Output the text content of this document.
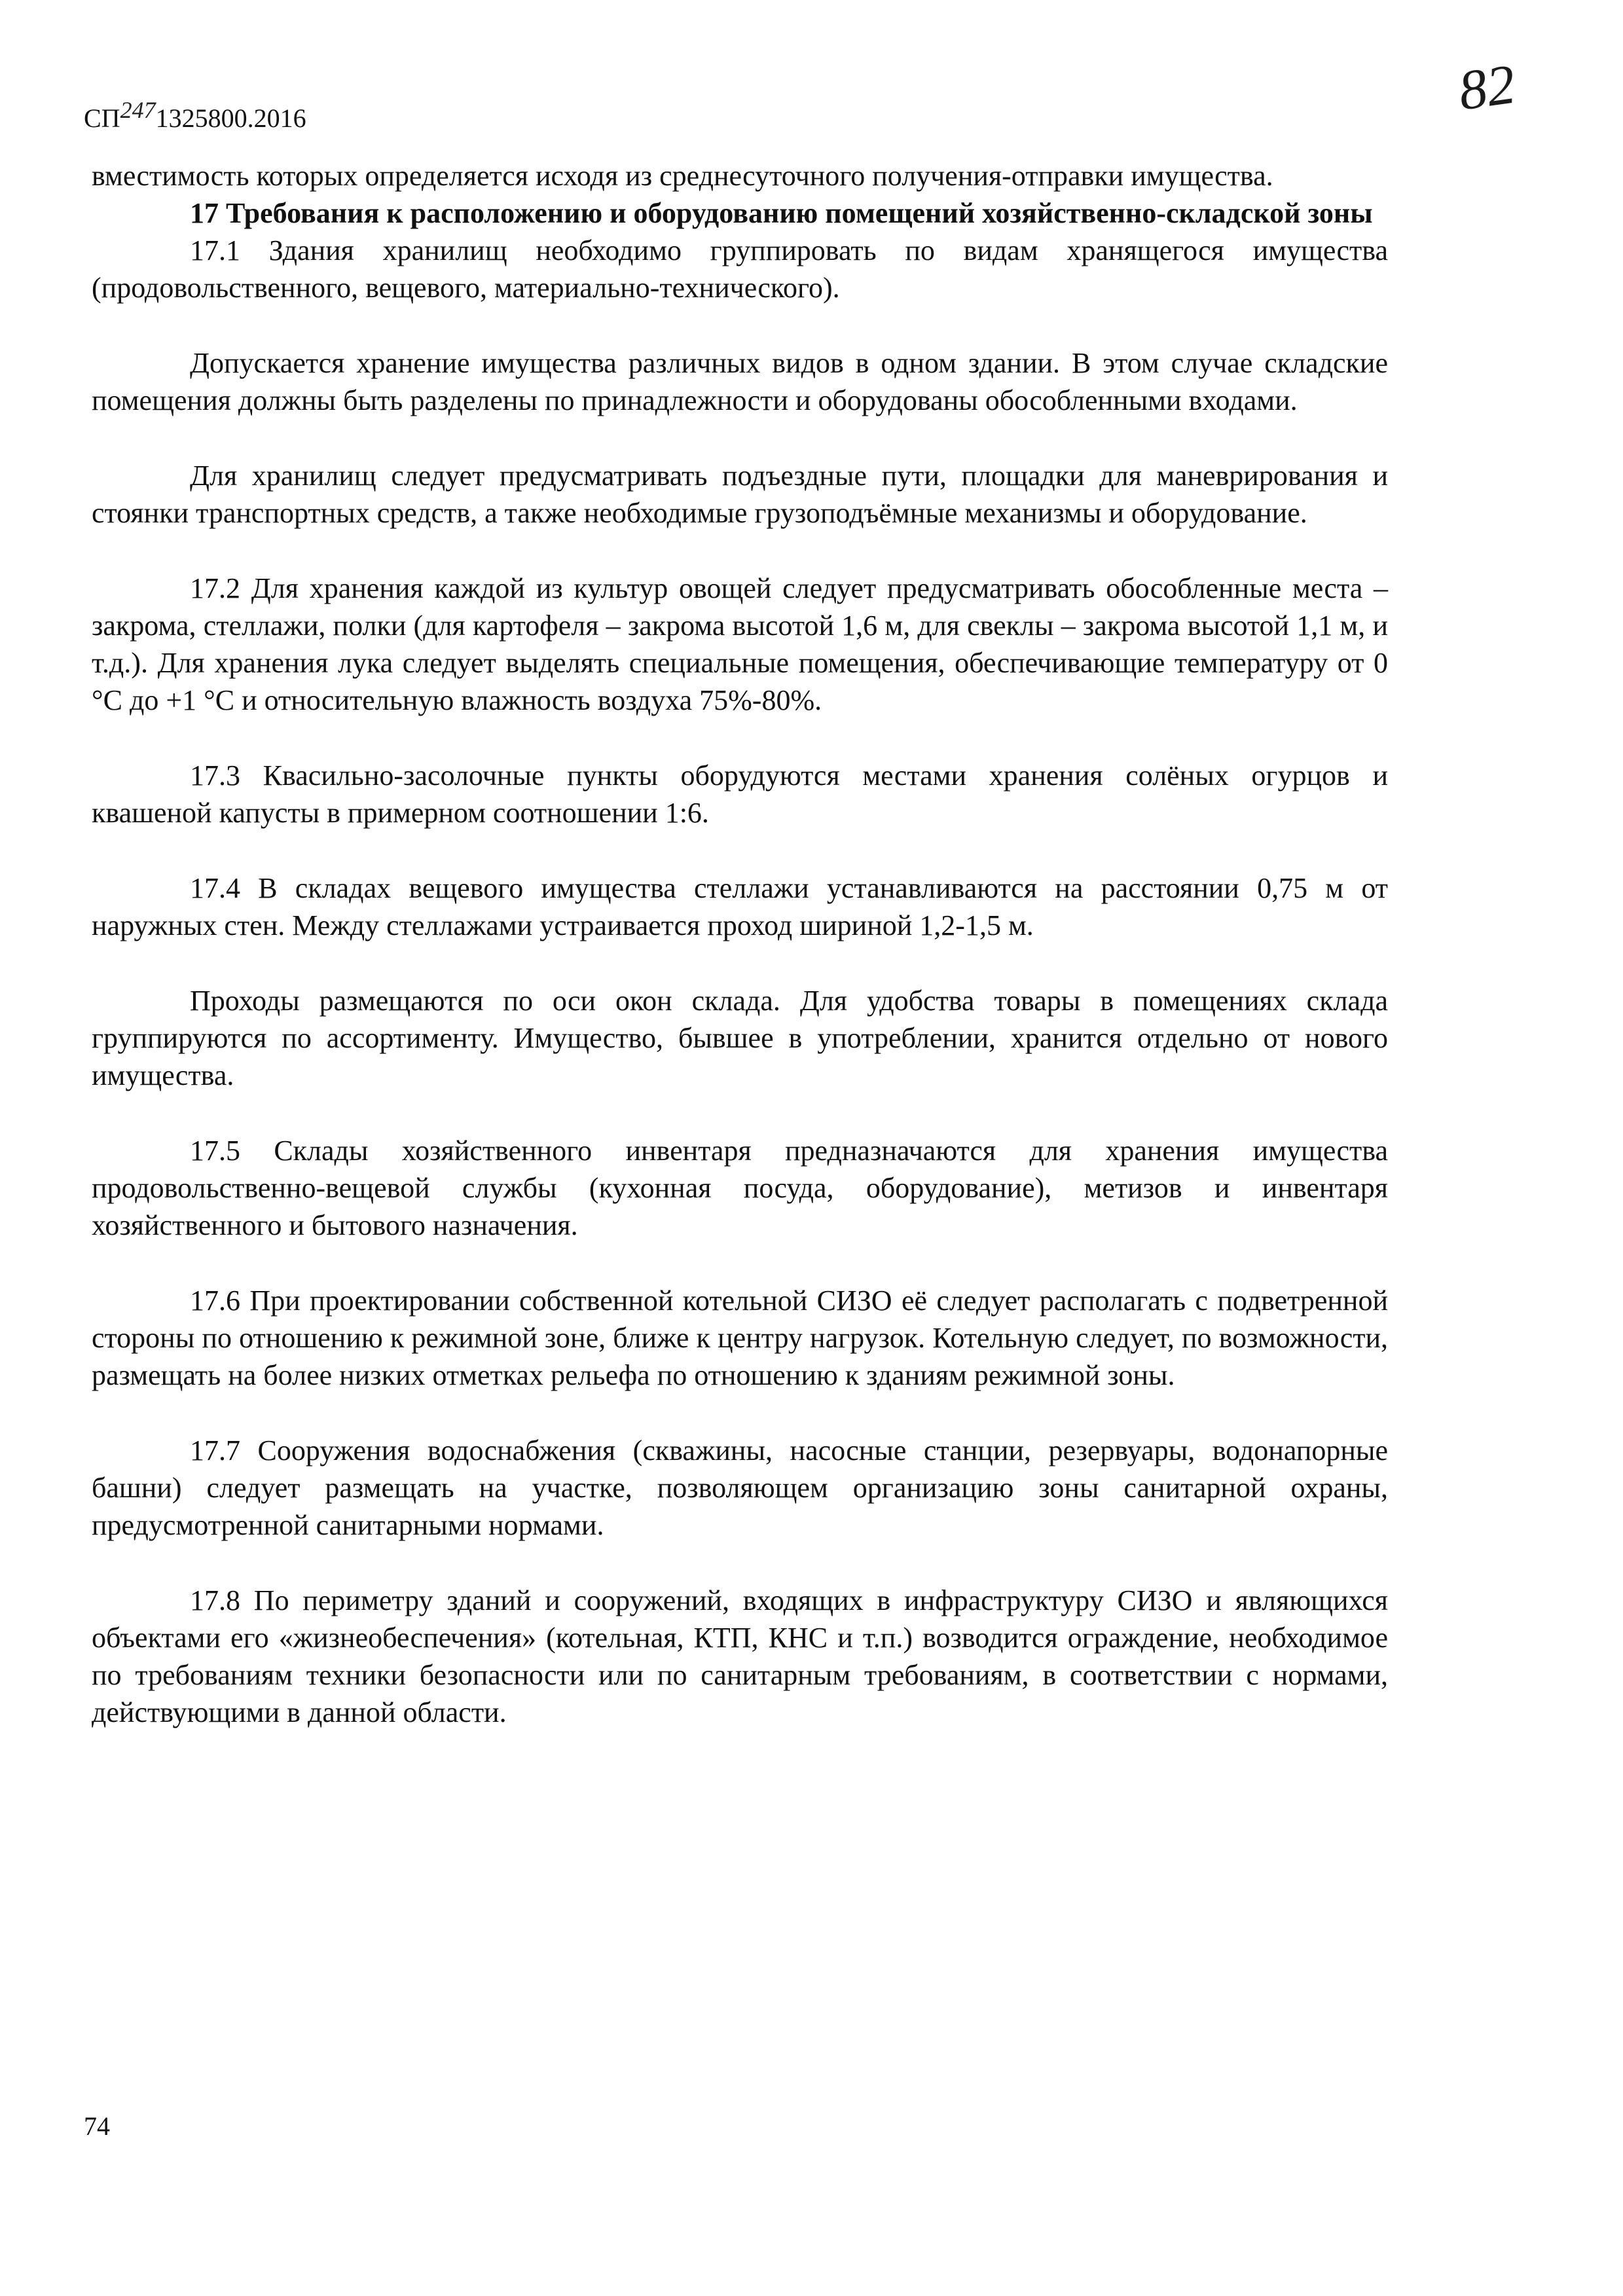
СП2471325800.2016	82

вместимость которых определяется исходя из среднесуточного получения-отправки имущества.

17 Требования к расположению и оборудованию помещений хозяйственно-складской зоны

17.1 Здания хранилищ необходимо группировать по видам хранящегося имущества (продовольственного, вещевого, материально-технического).

Допускается хранение имущества различных видов в одном здании. В этом случае складские помещения должны быть разделены по принадлежности и оборудованы обособленными входами.

Для хранилищ следует предусматривать подъездные пути, площадки для маневрирования и стоянки транспортных средств, а также необходимые грузоподъёмные механизмы и оборудование.

17.2 Для хранения каждой из культур овощей следует предусматривать обособленные места – закрома, стеллажи, полки (для картофеля – закрома высотой 1,6 м, для свеклы – закрома высотой 1,1 м, и т.д.). Для хранения лука следует выделять специальные помещения, обеспечивающие температуру от 0 °С до +1 °С и относительную влажность воздуха 75%-80%.

17.3 Квасильно-засолочные пункты оборудуются местами хранения солёных огурцов и квашеной капусты в примерном соотношении 1:6.

17.4 В складах вещевого имущества стеллажи устанавливаются на расстоянии 0,75 м от наружных стен. Между стеллажами устраивается проход шириной 1,2-1,5 м.

Проходы размещаются по оси окон склада. Для удобства товары в помещениях склада группируются по ассортименту. Имущество, бывшее в употреблении, хранится отдельно от нового имущества.

17.5 Склады хозяйственного инвентаря предназначаются для хранения имущества продовольственно-вещевой службы (кухонная посуда, оборудование), метизов и инвентаря хозяйственного и бытового назначения.

17.6 При проектировании собственной котельной СИЗО её следует располагать с подветренной стороны по отношению к режимной зоне, ближе к центру нагрузок. Котельную следует, по возможности, размещать на более низких отметках рельефа по отношению к зданиям режимной зоны.

17.7 Сооружения водоснабжения (скважины, насосные станции, резервуары, водонапорные башни) следует размещать на участке, позволяющем организацию зоны санитарной охраны, предусмотренной санитарными нормами.

17.8 По периметру зданий и сооружений, входящих в инфраструктуру СИЗО и являющихся объектами его «жизнеобеспечения» (котельная, КТП, КНС и т.п.) возводится ограждение, необходимое по требованиям техники безопасности или по санитарным требованиям, в соответствии с нормами, действующими в данной области.

74
